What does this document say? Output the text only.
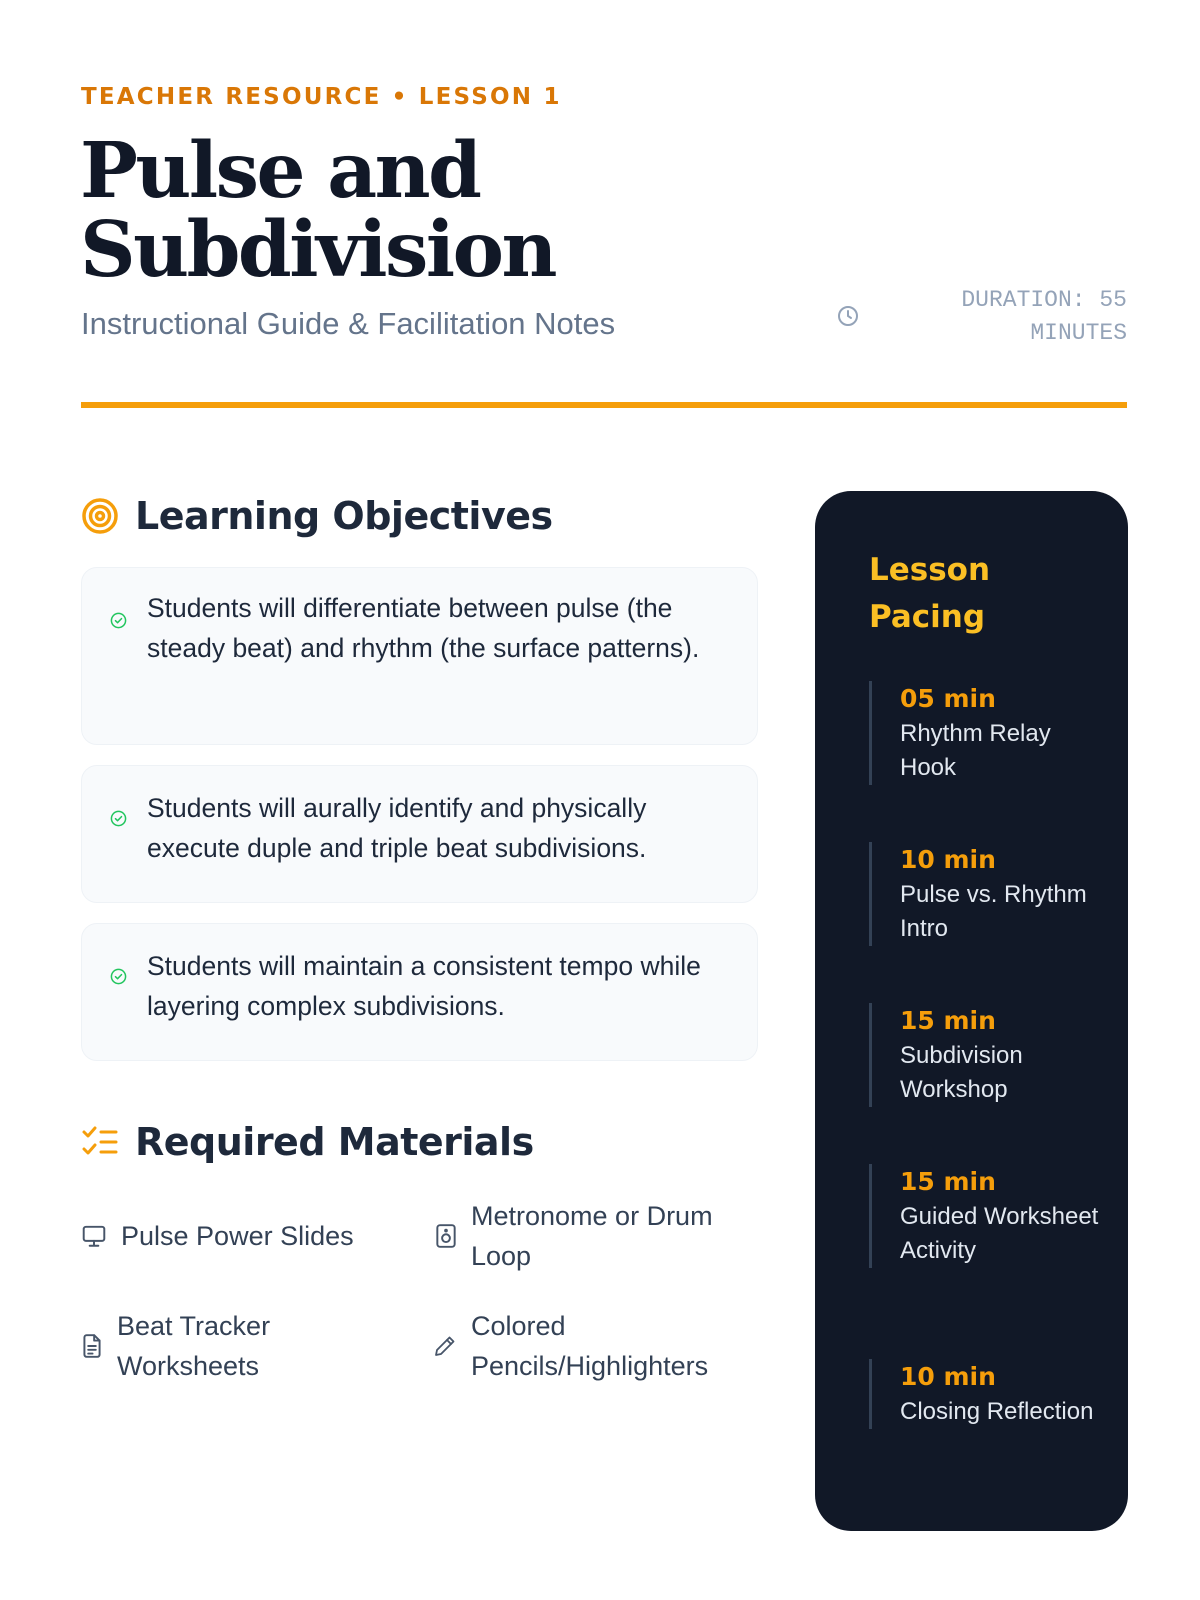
TEACHER RESOURCE • LESSON 1
Pulse and Subdivision
Instructional Guide & Facilitation Notes
DURATION: 55 MINUTES
Learning Objectives
Students will differentiate between pulse (the steady beat) and rhythm (the surface patterns).
Students will aurally identify and physically execute duple and triple beat subdivisions.
Students will maintain a consistent tempo while layering complex subdivisions.
Required Materials
Pulse Power Slides
Metronome or Drum Loop
Beat Tracker Worksheets
Colored Pencils/Highlighters
Lesson Pacing
05 min
Rhythm Relay Hook
10 min
Pulse vs. Rhythm Intro
15 min
Subdivision Workshop
15 min
Guided Worksheet Activity
10 min
Closing Reflection
